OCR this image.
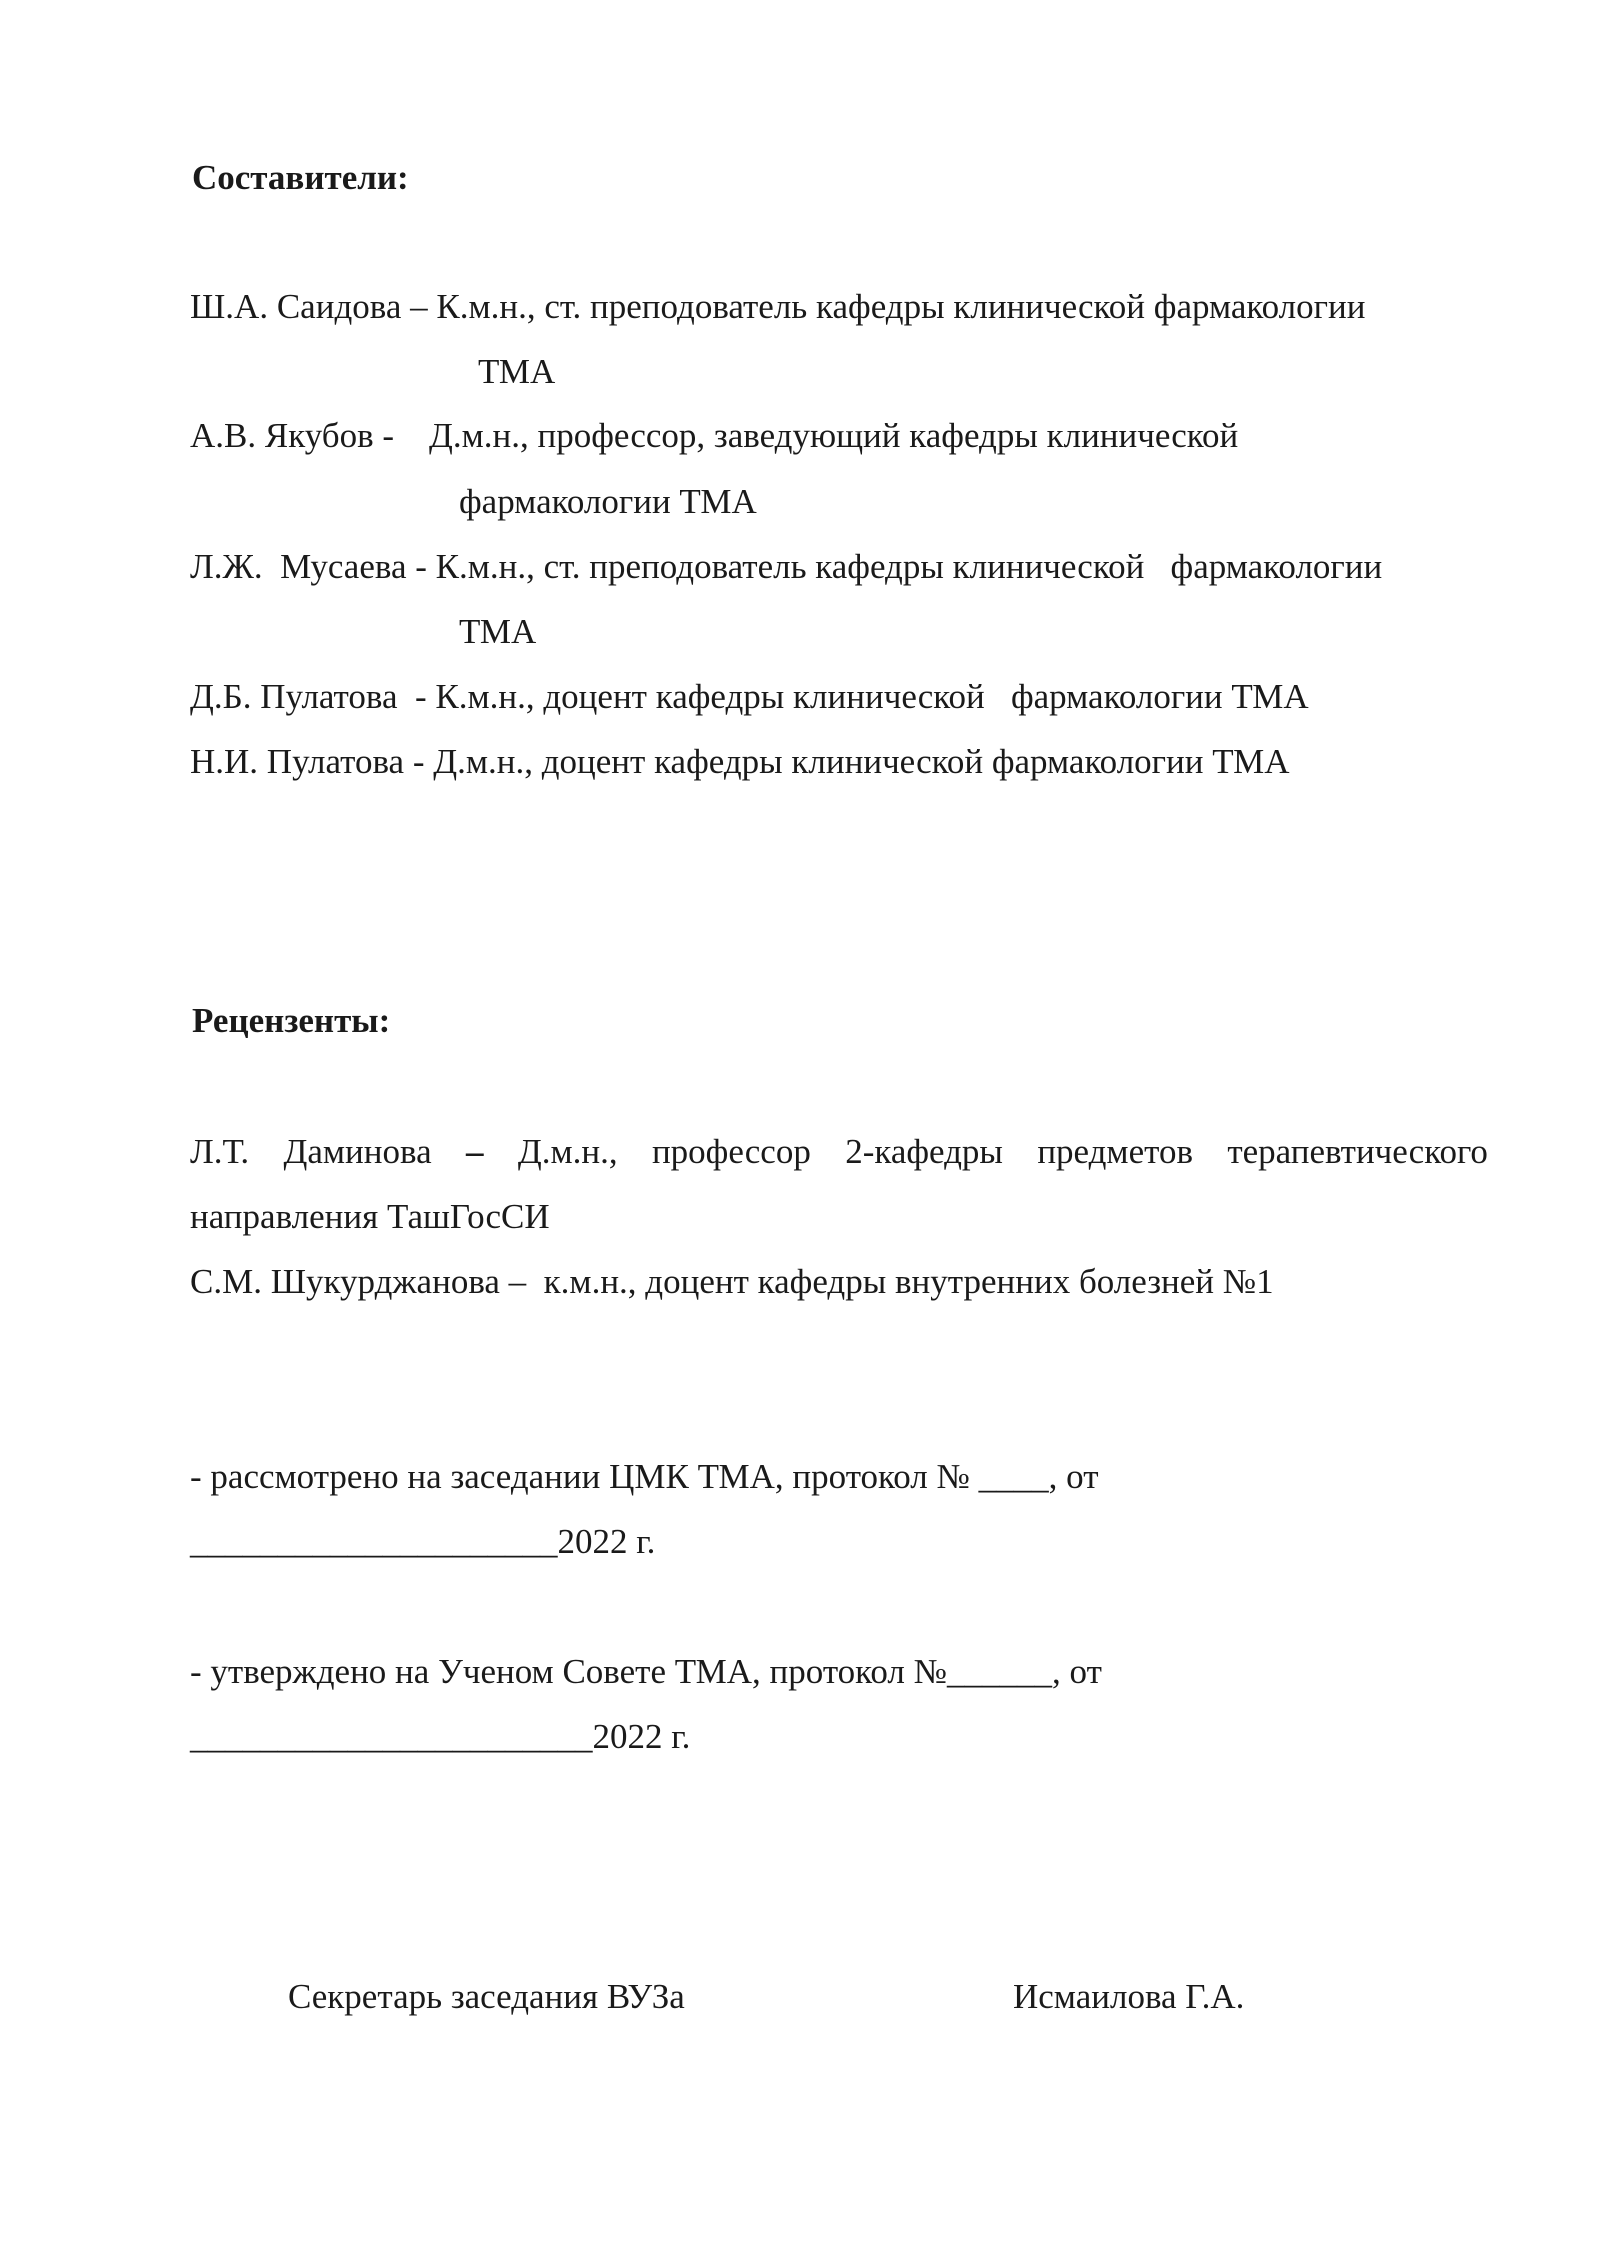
Составители:
Ш.А. Саидова – К.м.н., ст. преподователь кафедры клинической фармакологии
ТМА
А.В. Якубов -    Д.м.н., профессор, заведующий кафедры клинической
фармакологии ТМА
Л.Ж.  Мусаева - К.м.н., ст. преподователь кафедры клинической   фармакологии
ТМА
Д.Б. Пулатова  - К.м.н., доцент кафедры клинической   фармакологии ТМА
Н.И. Пулатова - Д.м.н., доцент кафедры клинической фармакологии ТМА
Рецензенты:
Л.Т. Даминова – Д.м.н., профессор 2-кафедры предметов терапевтического
направления ТашГосСИ
С.М. Шукурджанова –  к.м.н., доцент кафедры внутренних болезней №1
- рассмотрено на заседании ЦМК ТМА, протокол № ____, от
_____________________2022 г.
- утверждено на Ученом Совете ТМА, протокол №______, от
_______________________2022 г.
Секретарь заседания ВУЗа	Исмаилова Г.А.
